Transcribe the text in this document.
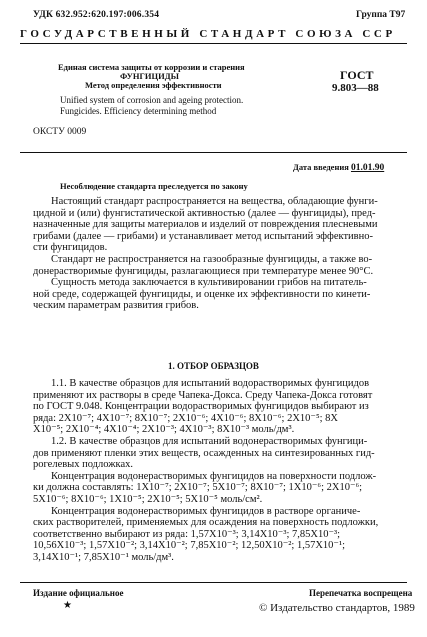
УДК 632.952:620.197:006.354	Группа Т97
ГОСУДАРСТВЕННЫЙ СТАНДАРТ СОЮЗА ССР
Единая система защиты от коррозии и старения
ФУНГИЦИДЫ
Метод определения эффективности
ГОСТ
9.803—88
Unified system of corrosion and ageing protection.
Fungicides. Efficiency determining method
ОКСТУ 0009
Дата введения 01.01.90
Несоблюдение стандарта преследуется по закону
Настоящий стандарт распространяется на вещества, обладающие фунги-
цидной и (или) фунгистатической активностью (далее — фунгициды), пред-
назначенные для защиты материалов и изделий от повреждения плесневыми
грибами (далее — грибами) и устанавливает метод испытаний эффективно-
сти фунгицидов.
Стандарт не распространяется на газообразные фунгициды, а также во-
донерастворимые фунгициды, разлагающиеся при температуре менее 90°С.
Сущность метода заключается в культивировании грибов на питатель-
ной среде, содержащей фунгициды, и оценке их эффективности по кинети-
ческим параметрам развития грибов.
1. ОТБОР ОБРАЗЦОВ
1.1. В качестве образцов для испытаний водорастворимых фунгицидов
применяют их растворы в среде Чапека-Докса. Среду Чапека-Докса готовят
по ГОСТ 9.048. Концентрации водорастворимых фунгицидов выбирают из
ряда: 2X10⁻⁷; 4X10⁻⁷; 8X10⁻⁷; 2X10⁻⁶; 4X10⁻⁶; 8X10⁻⁶; 2X10⁻⁵; 8X
X10⁻⁵; 2X10⁻⁴; 4X10⁻⁴; 2X10⁻³; 4X10⁻³; 8X10⁻³ моль/дм³.
1.2. В качестве образцов для испытаний водонерастворимых фунгици-
дов применяют пленки этих веществ, осажденных на синтезированных гид-
рогелевых подложках.
Концентрация водонерастворимых фунгицидов на поверхности подлож-
ки должна составлять: 1X10⁻⁷; 2X10⁻⁷; 5X10⁻⁷; 8X10⁻⁷; 1X10⁻⁶; 2X10⁻⁶;
5X10⁻⁶; 8X10⁻⁶; 1X10⁻⁵; 2X10⁻⁵; 5X10⁻⁵ моль/см².
Концентрация водонерастворимых фунгицидов в растворе органиче-
ских растворителей, применяемых для осаждения на поверхность подложки,
соответственно выбирают из ряда: 1,57X10⁻³; 3,14X10⁻³; 7,85X10⁻³;
10,56X10⁻³; 1,57X10⁻²; 3,14X10⁻²; 7,85X10⁻²; 12,50X10⁻²; 1,57X10⁻¹;
3,14X10⁻¹; 7,85X10⁻¹ моль/дм³.
Издание официальное
★
Перепечатка воспрещена
© Издательство стандартов, 1989
